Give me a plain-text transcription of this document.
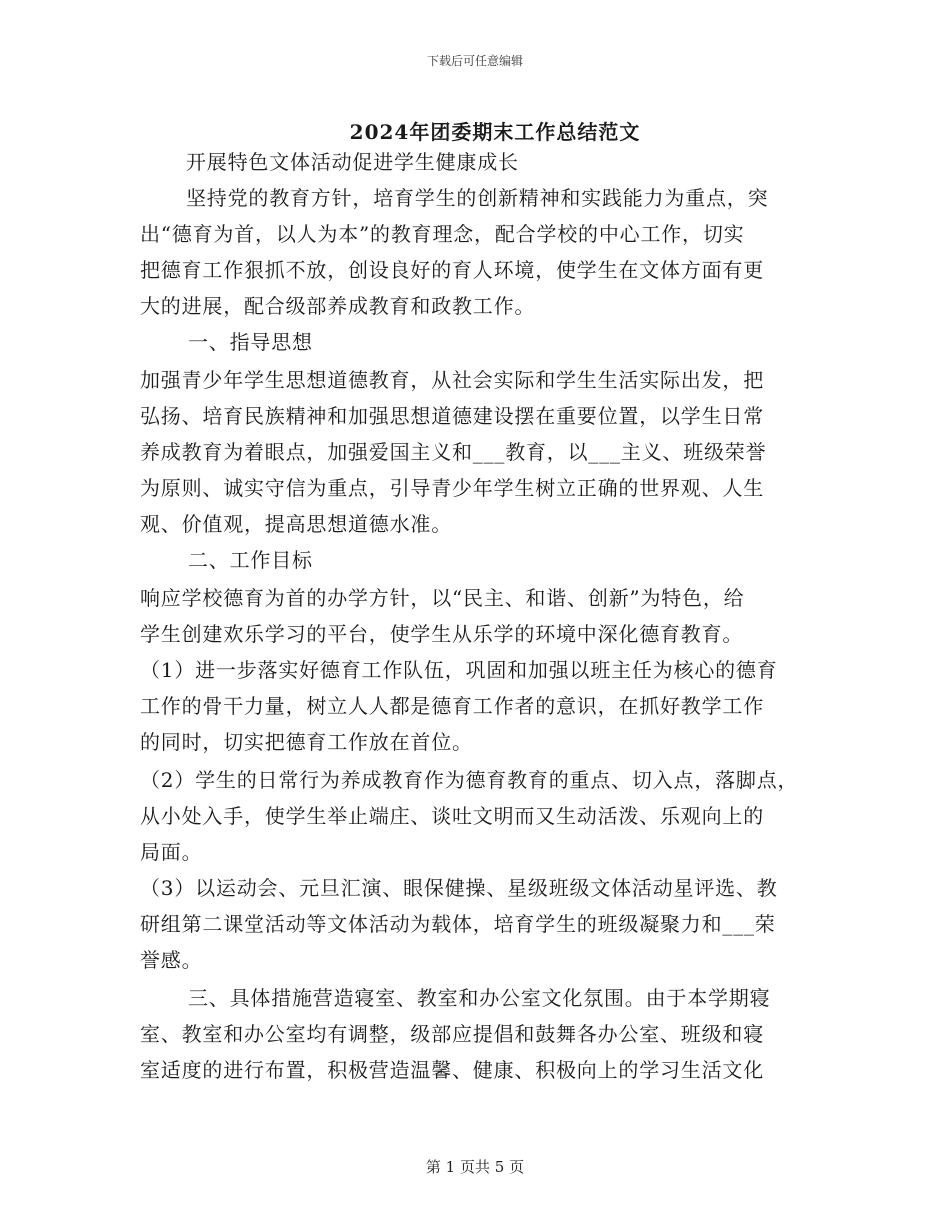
下载后可任意编辑
2024年团委期末工作总结范文
开展特色文体活动促进学生健康成长
坚持党的教育方针，培育学生的创新精神和实践能力为重点，突
出“德育为首，以人为本”的教育理念，配合学校的中心工作，切实
把德育工作狠抓不放，创设良好的育人环境，使学生在文体方面有更
大的进展，配合级部养成教育和政教工作。
一、指导思想
加强青少年学生思想道德教育，从社会实际和学生生活实际出发，把
弘扬、培育民族精神和加强思想道德建设摆在重要位置，以学生日常
养成教育为着眼点，加强爱国主义和___教育，以___主义、班级荣誉
为原则、诚实守信为重点，引导青少年学生树立正确的世界观、人生
观、价值观，提高思想道德水准。
二、工作目标
响应学校德育为首的办学方针，以“民主、和谐、创新”为特色，给
学生创建欢乐学习的平台，使学生从乐学的环境中深化德育教育。
（1）进一步落实好德育工作队伍，巩固和加强以班主任为核心的德育
工作的骨干力量，树立人人都是德育工作者的意识，在抓好教学工作
的同时，切实把德育工作放在首位。
（2）学生的日常行为养成教育作为德育教育的重点、切入点，落脚点，
从小处入手，使学生举止端庄、谈吐文明而又生动活泼、乐观向上的
局面。
（3）以运动会、元旦汇演、眼保健操、星级班级文体活动星评选、教
研组第二课堂活动等文体活动为载体，培育学生的班级凝聚力和___荣
誉感。
三、具体措施营造寝室、教室和办公室文化氛围。由于本学期寝
室、教室和办公室均有调整，级部应提倡和鼓舞各办公室、班级和寝
室适度的进行布置，积极营造温馨、健康、积极向上的学习生活文化
第 1 页共 5 页
